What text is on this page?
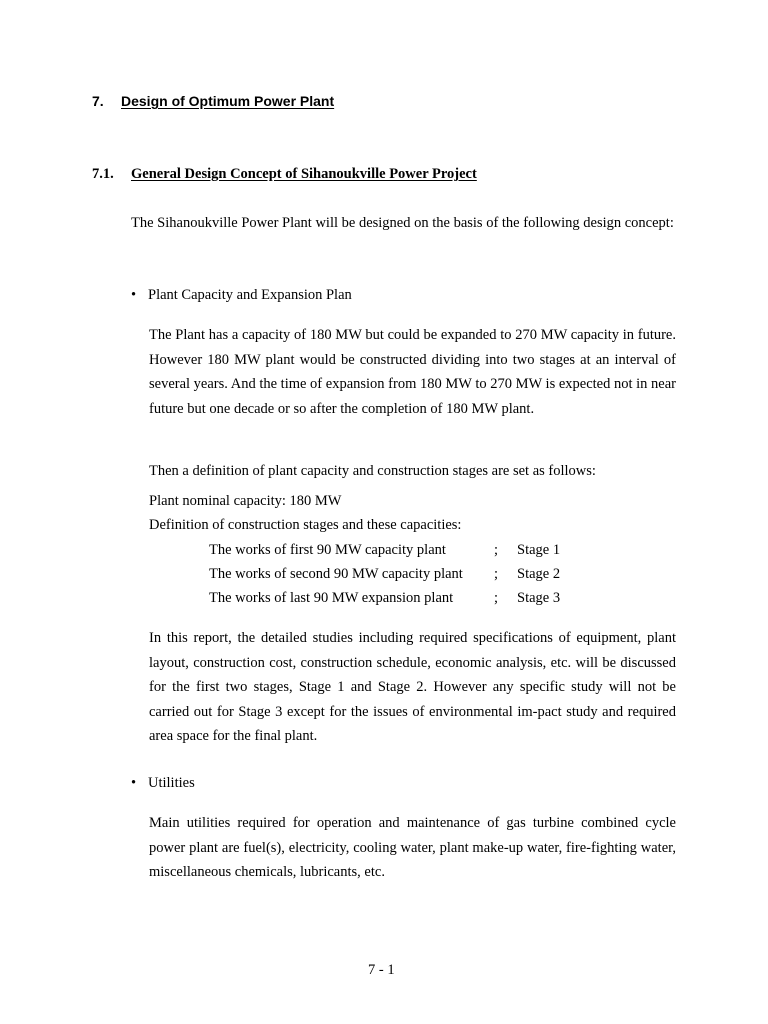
7. Design of Optimum Power Plant
7.1. General Design Concept of Sihanoukville Power Project

The Sihanoukville Power Plant will be designed on the basis of the following design concept:

• Plant Capacity and Expansion Plan

The Plant has a capacity of 180 MW but could be expanded to 270 MW capacity in future. However 180 MW plant would be constructed dividing into two stages at an interval of several years. And the time of expansion from 180 MW to 270 MW is expected not in near future but one decade or so after the completion of 180 MW plant.

Then a definition of plant capacity and construction stages are set as follows:
Plant nominal capacity: 180 MW
Definition of construction stages and these capacities:
The works of first 90 MW capacity plant	; Stage 1
The works of second 90 MW capacity plant ; Stage 2
The works of last 90 MW expansion plant	; Stage 3

In this report, the detailed studies including required specifications of equipment, plant layout, construction cost, construction schedule, economic analysis, etc. will be discussed for the first two stages, Stage 1 and Stage 2. However any specific study will not be carried out for Stage 3 except for the issues of environmental im-pact study and required area space for the final plant.

• Utilities

Main utilities required for operation and maintenance of gas turbine combined cycle power plant are fuel(s), electricity, cooling water, plant make-up water, fire-fighting water, miscellaneous chemicals, lubricants, etc.

7 - 1
